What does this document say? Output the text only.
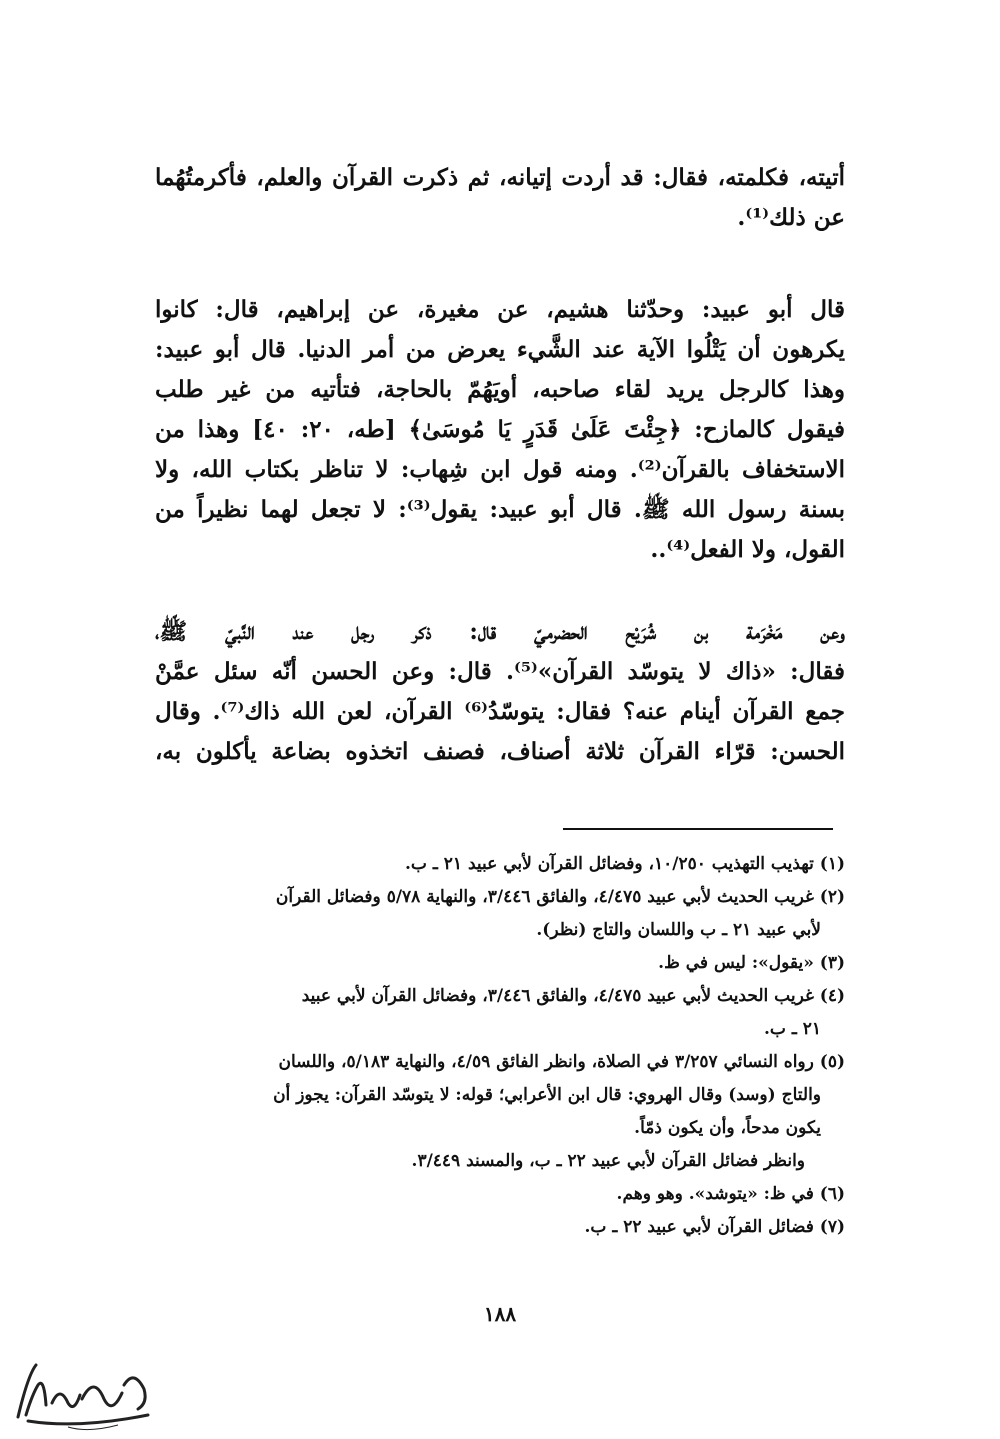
أتيته، فكلمته، فقال: قد أردت إتيانه، ثم ذكرت القرآن والعلم، فأكرمتُهُما
عن ذلك⁽¹⁾.
قال أبو عبيد: وحدّثنا هشيم، عن مغيرة، عن إبراهيم، قال: كانوا
يكرهون أن يَتْلُوا الآية عند الشَّيء يعرض من أمر الدنيا. قال أبو عبيد:
وهذا كالرجل يريد لقاء صاحبه، أويَهُمّ بالحاجة، فتأتيه من غير طلب
فيقول كالمازح: ﴿جِئْتَ عَلَىٰ قَدَرٍ يَا مُوسَىٰ﴾ [طه، ٢٠: ٤٠] وهذا من
الاستخفاف بالقرآن⁽²⁾. ومنه قول ابن شِهاب: لا تناظر بكتاب الله، ولا
بسنة رسول الله ﷺ. قال أبو عبيد: يقول⁽³⁾: لا تجعل لهما نظيراً من
القول، ولا الفعل⁽⁴⁾..
وعن مَخْرَمة بن شُرَيْح الحضرميّ قال: ذكر رجل عند النَّبيّ ﷺ،
فقال: «ذاك لا يتوسّد القرآن»⁽⁵⁾. قال: وعن الحسن أنّه سئل عمَّنْ
جمع القرآن أينام عنه؟ فقال: يتوسّدُ⁽⁶⁾ القرآن، لعن الله ذاك⁽⁷⁾. وقال
الحسن: قرّاء القرآن ثلاثة أصناف، فصنف اتخذوه بضاعة يأكلون به،
(١) تهذيب التهذيب ١٠/٢٥٠، وفضائل القرآن لأبي عبيد ٢١ ـ ب.
(٢) غريب الحديث لأبي عبيد ٤/٤٧٥، والفائق ٣/٤٤٦، والنهاية ٥/٧٨ وفضائل القرآن
لأبي عبيد ٢١ ـ ب واللسان والتاج (نظر).
(٣) «يقول»: ليس في ظ.
(٤) غريب الحديث لأبي عبيد ٤/٤٧٥، والفائق ٣/٤٤٦، وفضائل القرآن لأبي عبيد
٢١ ـ ب.
(٥) رواه النسائي ٣/٢٥٧ في الصلاة، وانظر الفائق ٤/٥٩، والنهاية ٥/١٨٣، واللسان
والتاج (وسد) وقال الهروي: قال ابن الأعرابي؛ قوله: لا يتوسّد القرآن: يجوز أن
يكون مدحاً، وأن يكون ذمّاً.
وانظر فضائل القرآن لأبي عبيد ٢٢ ـ ب، والمسند ٣/٤٤٩.
(٦) في ظ: «يتوشد». وهو وهم.
(٧) فضائل القرآن لأبي عبيد ٢٢ ـ ب.
١٨٨
